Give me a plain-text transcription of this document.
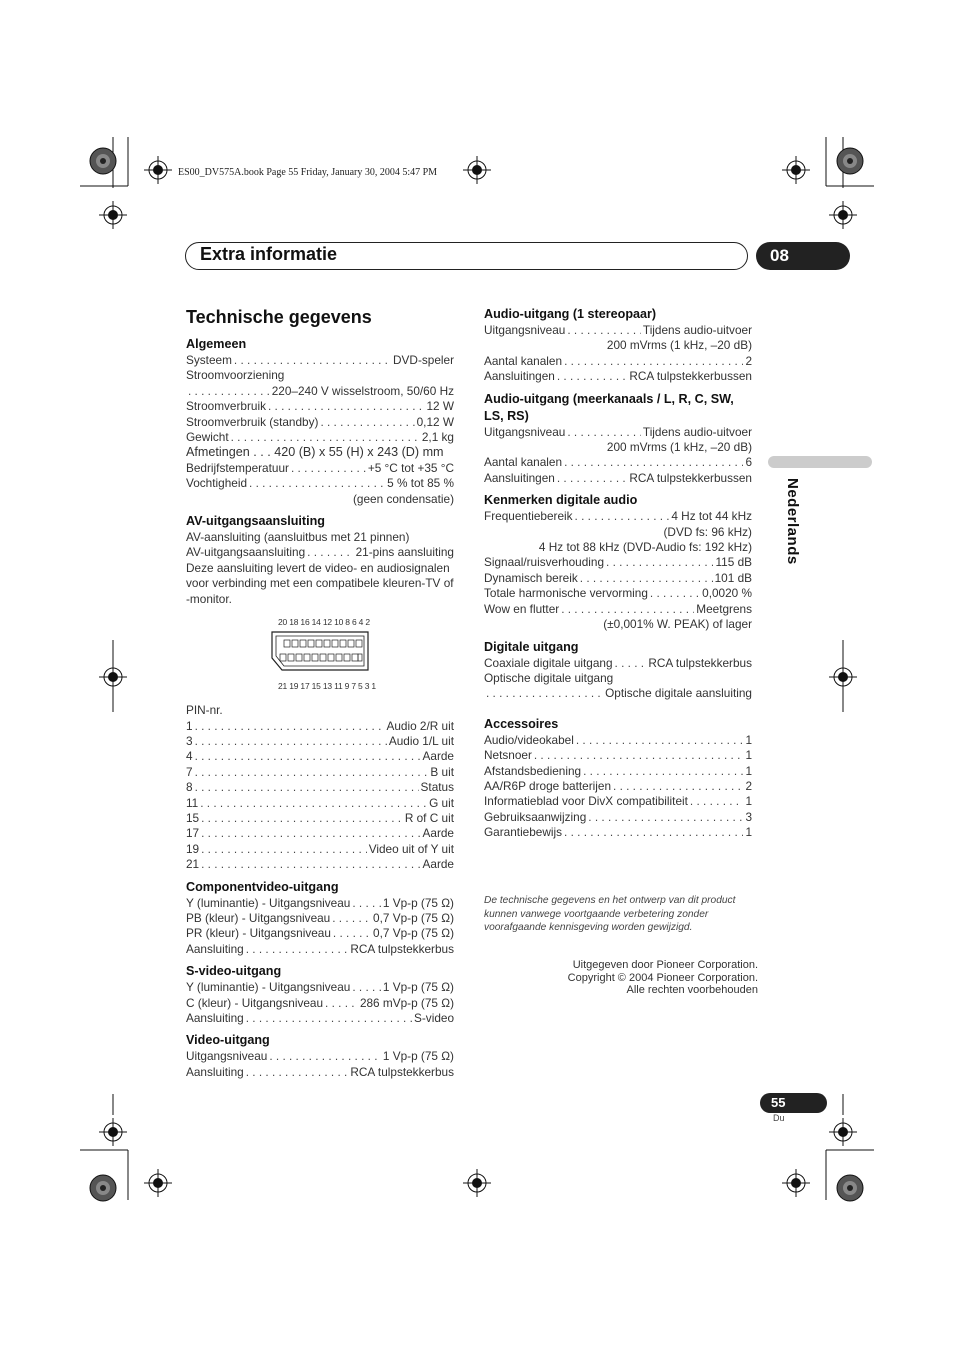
ES00_DV575A.book Page 55 Friday, January 30, 2004 5:47 PM
Extra informatie	08
Nederlands
Technische gegevens
Algemeen
Systeem . . .	DVD-speler
Stroomvoorziening
. . .
220–240 V wisselstroom, 50/60 Hz
Stroomverbruik . . .	12 W
Stroomverbruik (standby) . . .	0,12 W
Gewicht . . .	2,1 kg
Afmetingen . . . 420 (B) x 55 (H) x 243 (D) mm
Bedrijfstemperatuur . . .	+5 °C tot +35 °C
Vochtigheid . . .	5 % tot 85 %
(geen condensatie)
AV-uitgangsaansluiting
AV-aansluiting (aansluitbus met 21 pinnen)
AV-uitgangsaansluiting . . .	21-pins aansluiting
Deze aansluiting levert de video- en audiosignalen voor verbinding met een compatibele kleuren-TV of -monitor.
20 18 16 14 12 10 8 6 4 2
21 19 17 15 13 11 9 7 5 3 1
PIN-nr.
1 . . .	Audio 2/R uit
3 . . .	Audio 1/L uit
4 . . .	Aarde
7 . . .	B uit
8 . . .	Status
11 . . .	G uit
15 . . .	R of C uit
17 . . .	Aarde
19 . . .	Video uit of Y uit
21 . . .	Aarde
Componentvideo-uitgang
Y (luminantie) - Uitgangsniveau . . .	1 Vp-p (75 Ω)
PB (kleur) - Uitgangsniveau . . .	0,7 Vp-p (75 Ω)
PR (kleur) - Uitgangsniveau . . .	0,7 Vp-p (75 Ω)
Aansluiting . . .	RCA tulpstekkerbus
S-video-uitgang
Y (luminantie) - Uitgangsniveau . . .	1 Vp-p (75 Ω)
C (kleur) - Uitgangsniveau . . .	286 mVp-p (75 Ω)
Aansluiting . . .	S-video
Video-uitgang
Uitgangsniveau . . .	1 Vp-p (75 Ω)
Aansluiting . . .	RCA tulpstekkerbus
Audio-uitgang (1 stereopaar)
Uitgangsniveau . . .	Tijdens audio-uitvoer
200 mVrms (1 kHz, –20 dB)
Aantal kanalen . . .	2
Aansluitingen . . .	RCA tulpstekkerbussen
Audio-uitgang (meerkanaals / L, R, C, SW, LS, RS)
Uitgangsniveau . . .	Tijdens audio-uitvoer
200 mVrms (1 kHz, –20 dB)
Aantal kanalen . . .	6
Aansluitingen . . .	RCA tulpstekkerbussen
Kenmerken digitale audio
Frequentiebereik . . .	4 Hz tot 44 kHz
(DVD fs: 96 kHz)
4 Hz tot 88 kHz (DVD-Audio fs: 192 kHz)
Signaal/ruisverhouding . . .	115 dB
Dynamisch bereik . . .	101 dB
Totale harmonische vervorming . . .	0,0020 %
Wow en flutter . . .	Meetgrens
(±0,001% W. PEAK) of lager
Digitale uitgang
Coaxiale digitale uitgang . . .	RCA tulpstekkerbus
Optische digitale uitgang
. . .
Optische digitale aansluiting
Accessoires
Audio/videokabel . . .	1
Netsnoer . . .	1
Afstandsbediening . . .	1
AA/R6P droge batterijen . . .	2
Informatieblad voor DivX compatibiliteit . . .	1
Gebruiksaanwijzing . . .	3
Garantiebewijs . . .	1
De technische gegevens en het ontwerp van dit product kunnen vanwege voortgaande verbetering zonder voorafgaande kennisgeving worden gewijzigd.
Uitgegeven door Pioneer Corporation.
Copyright © 2004 Pioneer Corporation.
Alle rechten voorbehouden
55
Du
